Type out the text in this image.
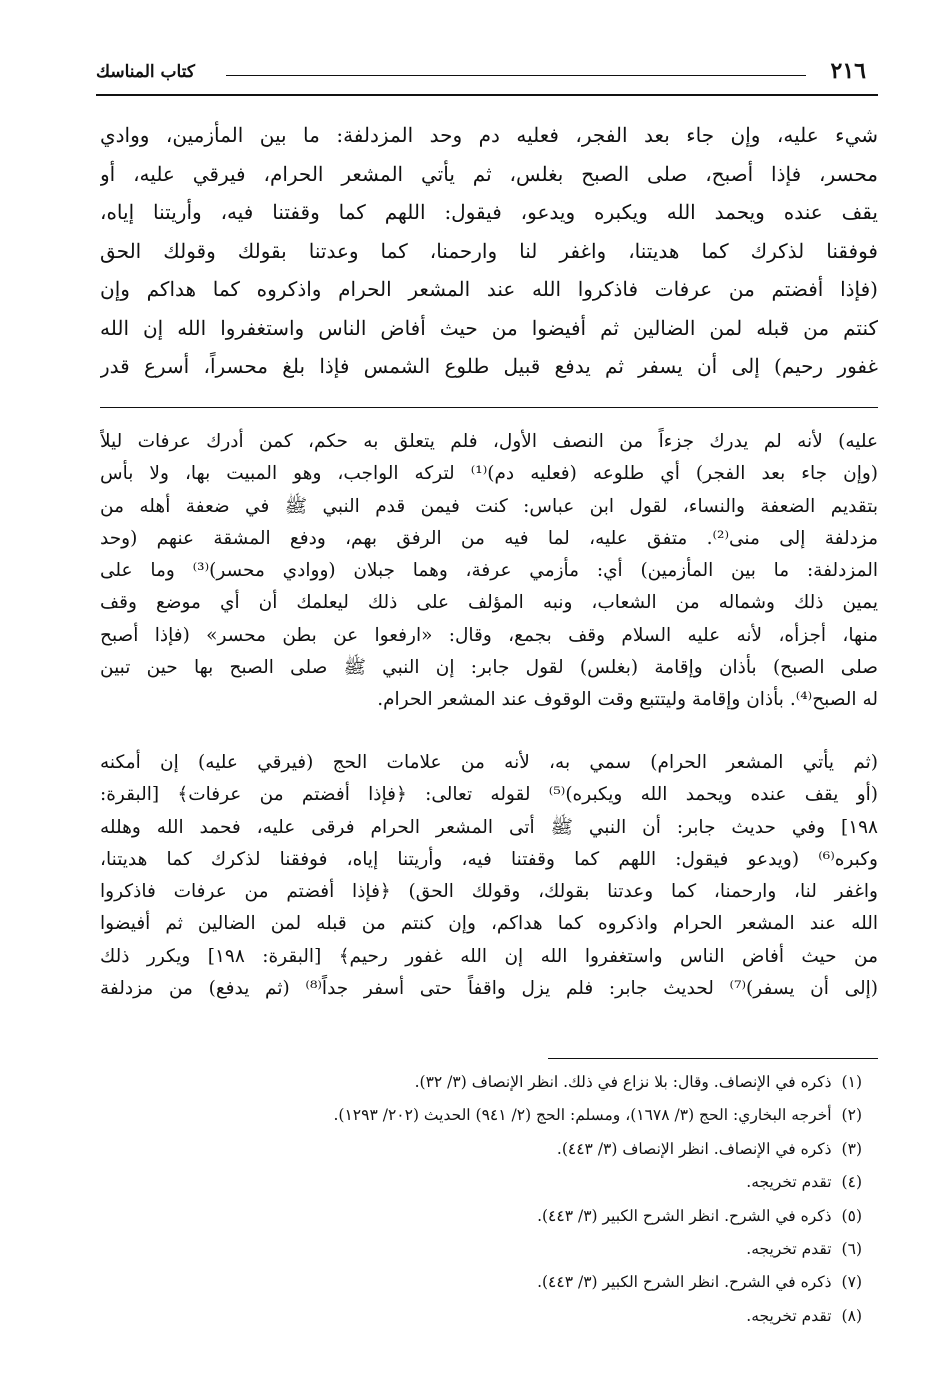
٢١٦
كتاب المناسك
شيء عليه، وإن جاء بعد الفجر، فعليه دم وحد المزدلفة: ما بين المأزمين، ووادي
محسر، فإذا أصبح، صلى الصبح بغلس، ثم يأتي المشعر الحرام، فيرقي عليه، أو
يقف عنده ويحمد الله ويكبره ويدعو، فيقول: اللهم كما وقفتنا فيه، وأريتنا إياه،
فوفقنا لذكرك كما هديتنا، واغفر لنا وارحمنا، كما وعدتنا بقولك وقولك الحق
(فإذا أفضتم من عرفات فاذكروا الله عند المشعر الحرام واذكروه كما هداكم وإن
كنتم من قبله لمن الضالين ثم أفيضوا من حيث أفاض الناس واستغفروا الله إن الله
غفور رحيم) إلى أن يسفر ثم يدفع قبيل طلوع الشمس فإذا بلغ محسراً، أسرع قدر
عليه) لأنه لم يدرك جزءاً من النصف الأول، فلم يتعلق به حكم، كمن أدرك عرفات ليلاً
(وإن جاء بعد الفجر) أي طلوعه (فعليه دم)⁽¹⁾ لتركه الواجب، وهو المبيت بها، ولا بأس
بتقديم الضعفة والنساء، لقول ابن عباس: كنت فيمن قدم النبي ﷺ في ضعفة أهله من
مزدلفة إلى منى⁽²⁾. متفق عليه، لما فيه من الرفق بهم، ودفع المشقة عنهم (وحد
المزدلفة: ما بين المأزمين) أي: مأزمي عرفة، وهما جبلان (ووادي محسر)⁽³⁾ وما على
يمين ذلك وشماله من الشعاب، ونبه المؤلف على ذلك ليعلمك أن أي موضع وقف
منها، أجزأه، لأنه عليه السلام وقف بجمع، وقال: «ارفعوا عن بطن محسر» (فإذا أصبح
صلى الصبح) بأذان وإقامة (بغلس) لقول جابر: إن النبي ﷺ صلى الصبح بها حين تبين
له الصبح⁽⁴⁾. بأذان وإقامة وليتتبع وقت الوقوف عند المشعر الحرام.
(ثم يأتي المشعر الحرام) سمي به، لأنه من علامات الحج (فيرقي عليه) إن أمكنه
(أو يقف عنده ويحمد الله ويكبره)⁽⁵⁾ لقوله تعالى: ﴿فإذا أفضتم من عرفات﴾ [البقرة:
١٩٨] وفي حديث جابر: أن النبي ﷺ أتى المشعر الحرام فرقى عليه، فحمد الله وهلله
وكبره⁽⁶⁾ (ويدعو فيقول: اللهم كما وقفتنا فيه، وأريتنا إياه، فوفقنا لذكرك كما هديتنا،
واغفر لنا، وارحمنا، كما وعدتنا بقولك، وقولك الحق) ﴿فإذا أفضتم من عرفات فاذكروا
الله عند المشعر الحرام واذكروه كما هداكم، وإن كنتم من قبله لمن الضالين ثم أفيضوا
من حيث أفاض الناس واستغفروا الله إن الله غفور رحيم﴾ [البقرة: ١٩٨] ويكرر ذلك
(إلى أن يسفر)⁽⁷⁾ لحديث جابر: فلم يزل واقفاً حتى أسفر جداً⁽⁸⁾ (ثم يدفع) من مزدلفة
(١)ذكره في الإنصاف. وقال: بلا نزاع في ذلك. انظر الإنصاف (٣/ ٣٢).
(٢)أخرجه البخاري: الحج (٣/ ١٦٧٨)، ومسلم: الحج (٢/ ٩٤١) الحديث (٢٠٢/ ١٢٩٣).
(٣)ذكره في الإنصاف. انظر الإنصاف (٣/ ٤٤٣).
(٤)تقدم تخريجه.
(٥)ذكره في الشرح. انظر الشرح الكبير (٣/ ٤٤٣).
(٦)تقدم تخريجه.
(٧)ذكره في الشرح. انظر الشرح الكبير (٣/ ٤٤٣).
(٨)تقدم تخريجه.
